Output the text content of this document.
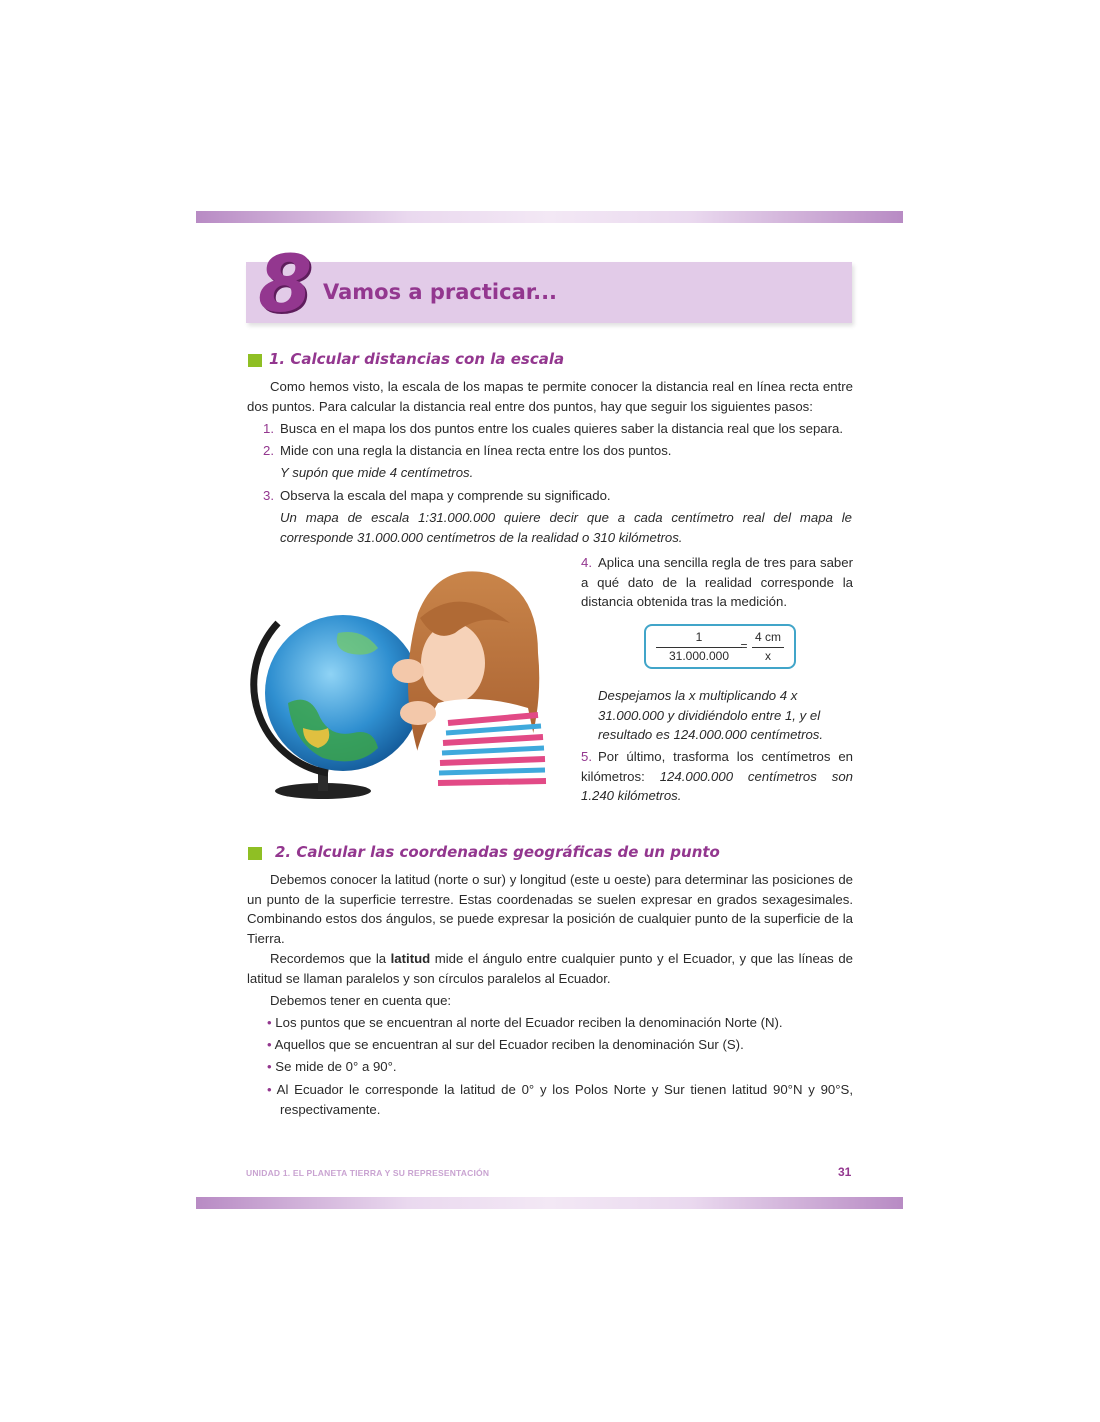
8 Vamos a practicar...
1. Calcular distancias con la escala
Como hemos visto, la escala de los mapas te permite conocer la distancia real en línea recta entre dos puntos. Para calcular la distancia real entre dos puntos, hay que seguir los siguientes pasos:
1. Busca en el mapa los dos puntos entre los cuales quieres saber la distancia real que los separa.
2. Mide con una regla la distancia en línea recta entre los dos puntos.
Y supón que mide 4 centímetros.
3. Observa la escala del mapa y comprende su significado.
Un mapa de escala 1:31.000.000 quiere decir que a cada centímetro real del mapa le corresponde 31.000.000 centímetros de la realidad o 310 kilómetros.
4. Aplica una sencilla regla de tres para saber a qué dato de la realidad corresponde la distancia obtenida tras la medición.
1
31.000.000
=
4 cm
x
Despejamos la x multiplicando 4 x 31.000.000 y dividiéndolo entre 1, y el resultado es 124.000.000 centímetros.
5. Por último, trasforma los centímetros en kilómetros: 124.000.000 centímetros son 1.240 kilómetros.
2. Calcular las coordenadas geográficas de un punto
Debemos conocer la latitud (norte o sur) y longitud (este u oeste) para determinar las posiciones de un punto de la superficie terrestre. Estas coordenadas se suelen expresar en grados sexagesimales. Combinando estos dos ángulos, se puede expresar la posición de cualquier punto de la superficie de la Tierra.
Recordemos que la latitud mide el ángulo entre cualquier punto y el Ecuador, y que las líneas de latitud se llaman paralelos y son círculos paralelos al Ecuador.
Debemos tener en cuenta que:
• Los puntos que se encuentran al norte del Ecuador reciben la denominación Norte (N).
• Aquellos que se encuentran al sur del Ecuador reciben la denominación Sur (S).
• Se mide de 0° a 90°.
• Al Ecuador le corresponde la latitud de 0° y los Polos Norte y Sur tienen latitud 90°N y 90°S, respectivamente.
UNIDAD 1. EL PLANETA TIERRA Y SU REPRESENTACIÓN	31
